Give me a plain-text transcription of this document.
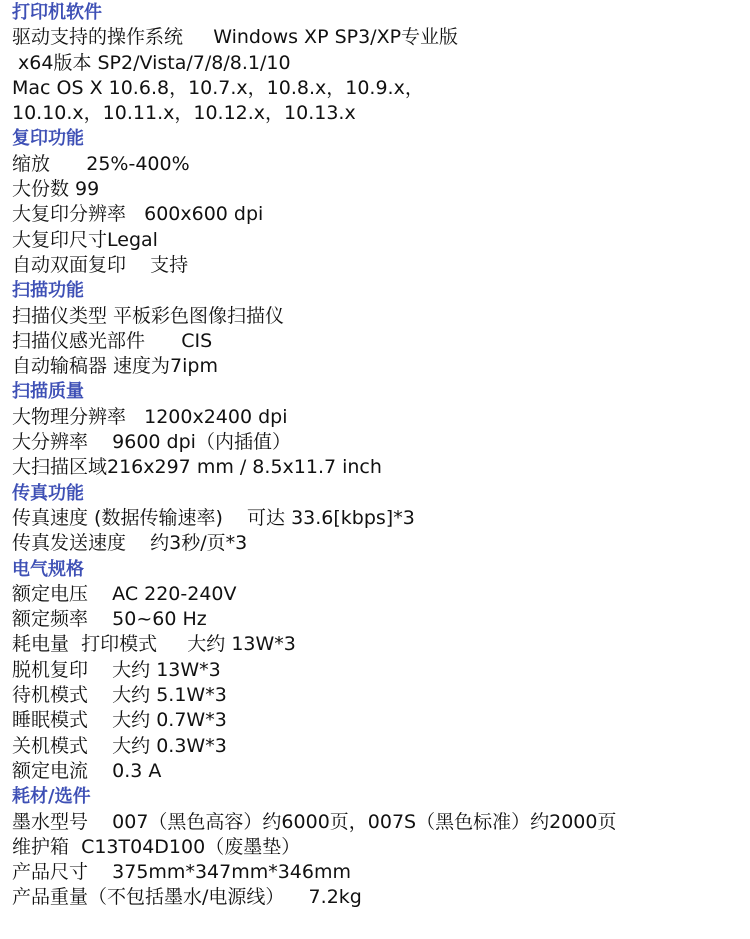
打印机软件
驱动支持的操作系统     Windows XP SP3/XP专业版
x64版本 SP2/Vista/7/8/8.1/10
Mac OS X 10.6.8，10.7.x，10.8.x，10.9.x，
10.10.x，10.11.x，10.12.x，10.13.x
复印功能
缩放      25%-400%
大份数 99
大复印分辨率   600x600 dpi
大复印尺寸Legal
自动双面复印    支持
扫描功能
扫描仪类型 平板彩色图像扫描仪
扫描仪感光部件      CIS
自动输稿器 速度为7ipm
扫描质量
大物理分辨率   1200x2400 dpi
大分辨率    9600 dpi（内插值）
大扫描区域216x297 mm / 8.5x11.7 inch
传真功能
传真速度 (数据传输速率)    可达 33.6[kbps]*3
传真发送速度    约3秒/页*3
电气规格
额定电压    AC 220-240V
额定频率    50~60 Hz
耗电量  打印模式     大约 13W*3
脱机复印    大约 13W*3
待机模式    大约 5.1W*3
睡眠模式    大约 0.7W*3
关机模式    大约 0.3W*3
额定电流    0.3 A
耗材/选件
墨水型号    007（黑色高容）约6000页，007S（黑色标准）约2000页
维护箱  C13T04D100（废墨垫）
产品尺寸    375mm*347mm*346mm
产品重量（不包括墨水/电源线）    7.2kg
